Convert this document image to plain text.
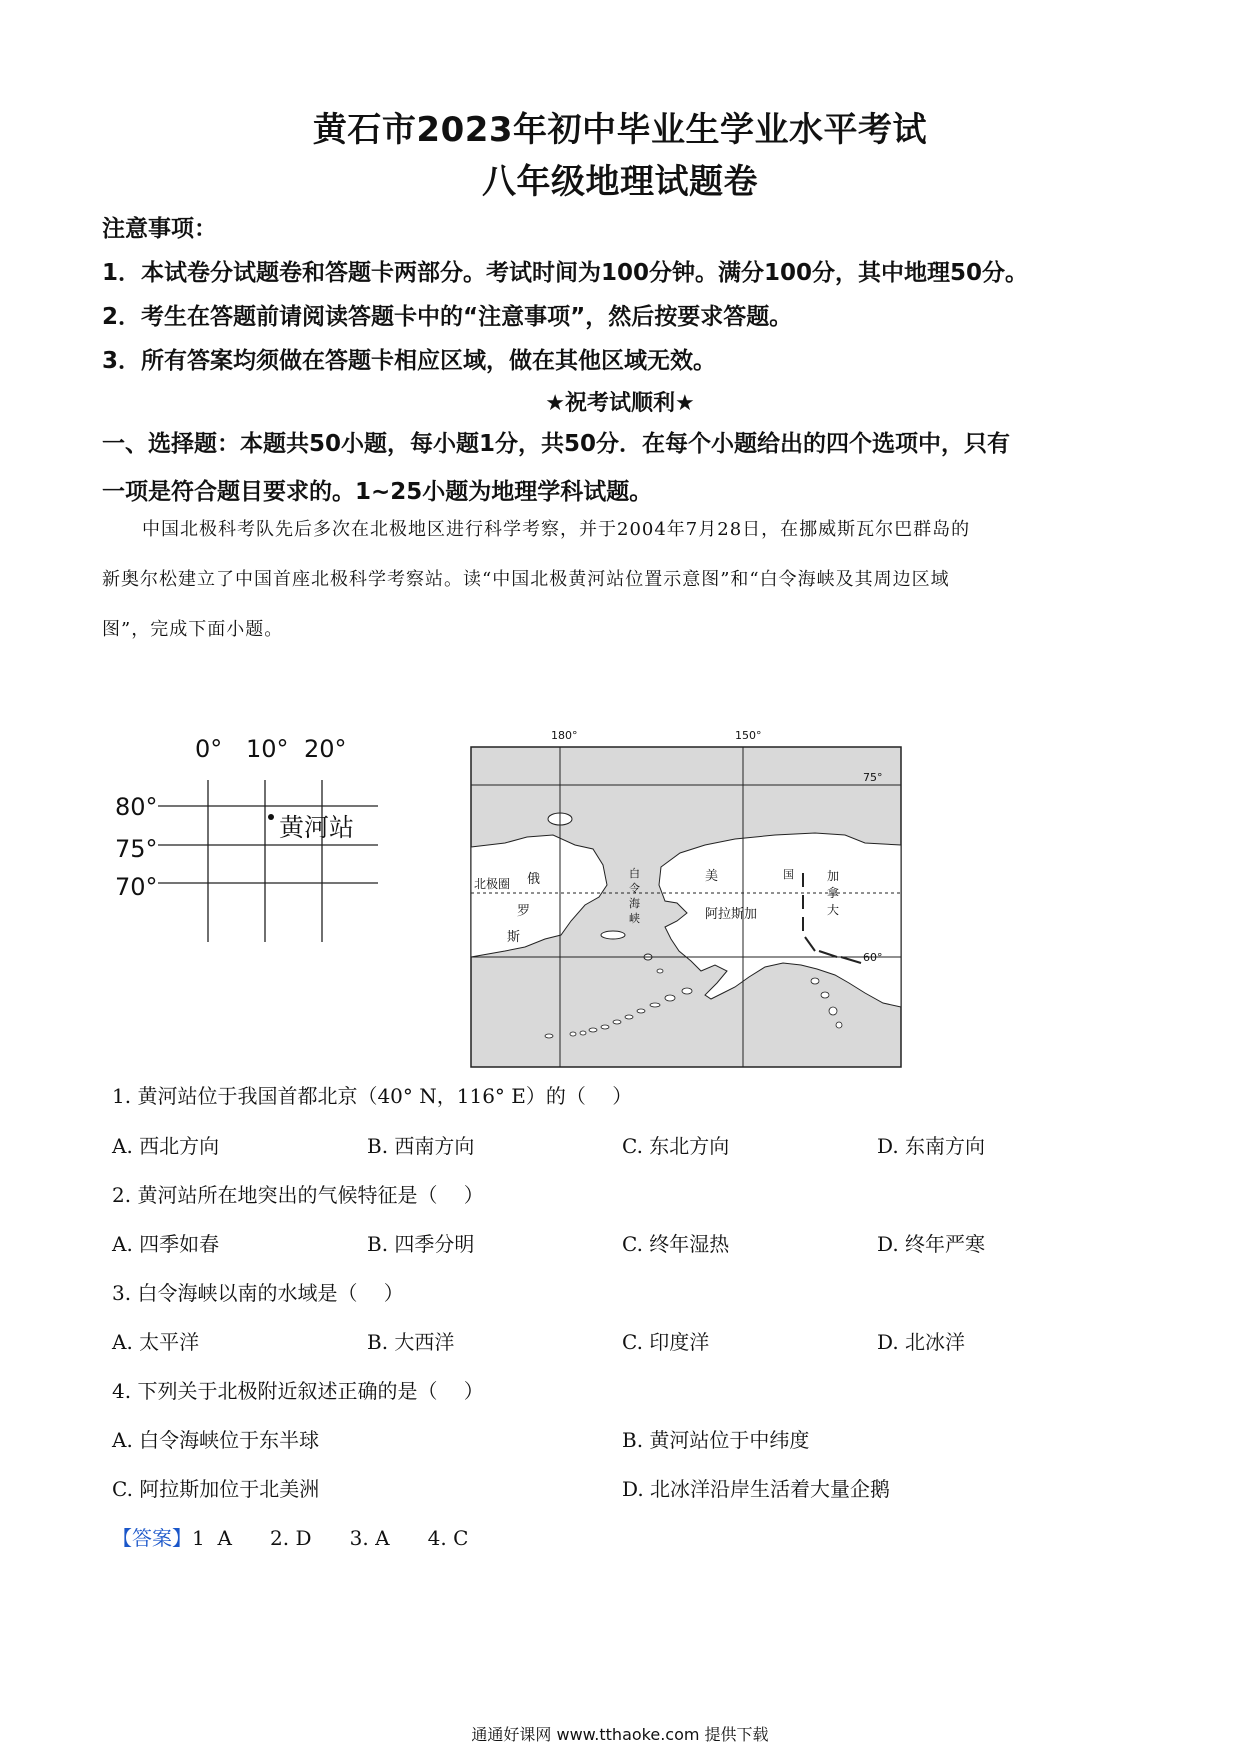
黄石市2023年初中毕业生学业水平考试
八年级地理试题卷
注意事项：
1．本试卷分试题卷和答题卡两部分。考试时间为100分钟。满分100分，其中地理50分。
2．考生在答题前请阅读答题卡中的“注意事项”，然后按要求答题。
3．所有答案均须做在答题卡相应区域，做在其他区域无效。
★祝考试顺利★
一、选择题：本题共50小题，每小题1分，共50分．在每个小题给出的四个选项中，只有
一项是符合题目要求的。1~25小题为地理学科试题。
中国北极科考队先后多次在北极地区进行科学考察，并于2004年7月28日，在挪威斯瓦尔巴群岛的
新奥尔松建立了中国首座北极科学考察站。读“中国北极黄河站位置示意图”和“白令海峡及其周边区域
图”，完成下面小题。
0° 10° 20°
80°
75°
70°
黄河站
180°	150°
75°
60°
北极圈 俄
罗
斯
白
令
海
峡
美	国
阿拉斯加
加
拿
大
1. 黄河站位于我国首都北京（40° N，116° E）的（　 ）
A. 西北方向	B. 西南方向	C. 东北方向	D. 东南方向
2. 黄河站所在地突出的气候特征是（　 ）
A. 四季如春	B. 四季分明	C. 终年湿热	D. 终年严寒
3. 白令海峡以南的水域是（　 ）
A. 太平洋	B. 大西洋	C. 印度洋	D. 北冰洋
4. 下列关于北极附近叙述正确的是（　 ）
A. 白令海峡位于东半球	B. 黄河站位于中纬度
C. 阿拉斯加位于北美洲	D. 北冰洋沿岸生活着大量企鹅
【答案】1  A      2. D      3. A      4. C
通通好课网 www.tthaoke.com 提供下载
